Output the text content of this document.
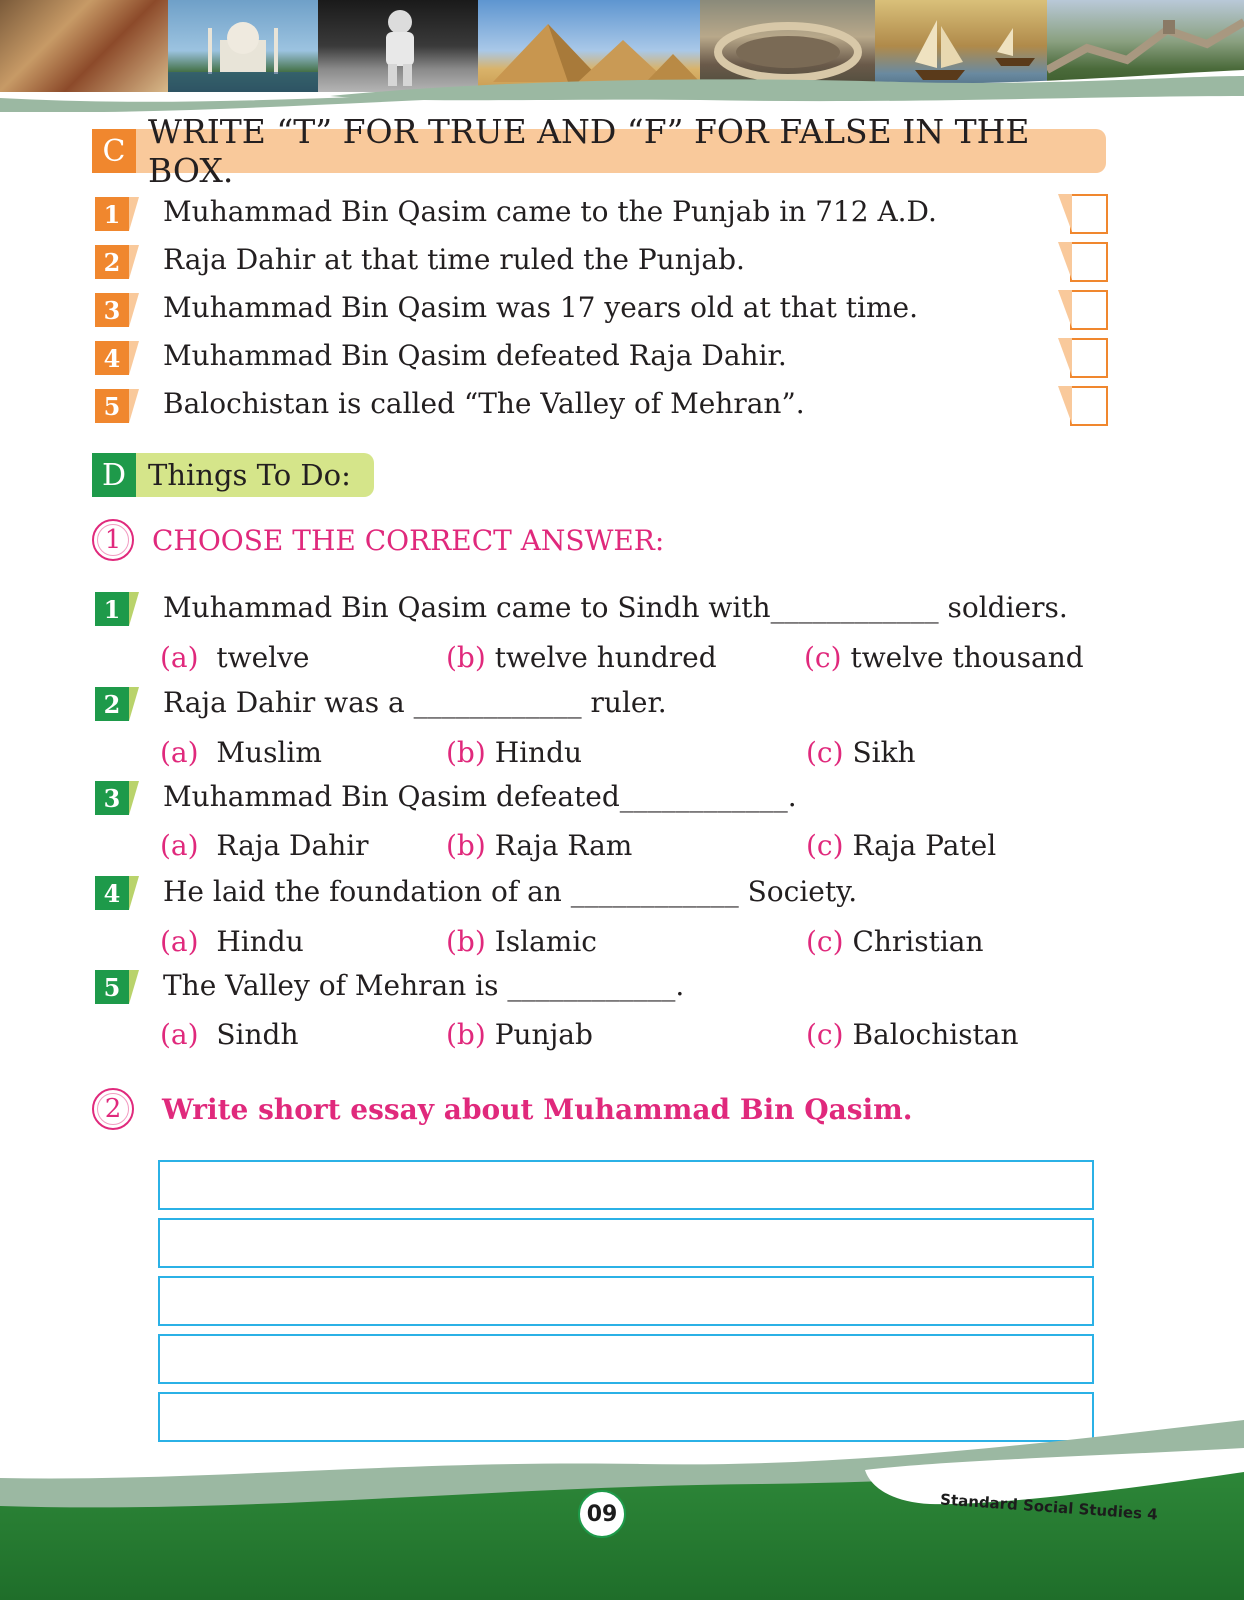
C WRITE “T” FOR TRUE AND “F” FOR FALSE IN THE BOX.
1	Muhammad Bin Qasim came to the Punjab in 712 A.D.
2	Raja Dahir at that time ruled the Punjab.
3	Muhammad Bin Qasim was 17 years old at that time.
4	Muhammad Bin Qasim defeated Raja Dahir.
5	Balochistan is called “The Valley of Mehran”.
D Things To Do:
1	CHOOSE THE CORRECT ANSWER:
1	Muhammad Bin Qasim came to Sindh with____________ soldiers.
(a) twelve	(b) twelve hundred	(c) twelve thousand
2	Raja Dahir was a ____________ ruler.
(a) Muslim	(b) Hindu	(c) Sikh
3	Muhammad Bin Qasim defeated____________.
(a) Raja Dahir	(b) Raja Ram	(c) Raja Patel
4	He laid the foundation of an ____________ Society.
(a) Hindu	(b) Islamic	(c) Christian
5	The Valley of Mehran is ____________.
(a) Sindh	(b) Punjab	(c) Balochistan
2	Write short essay about Muhammad Bin Qasim.
09	Standard Social Studies 4
